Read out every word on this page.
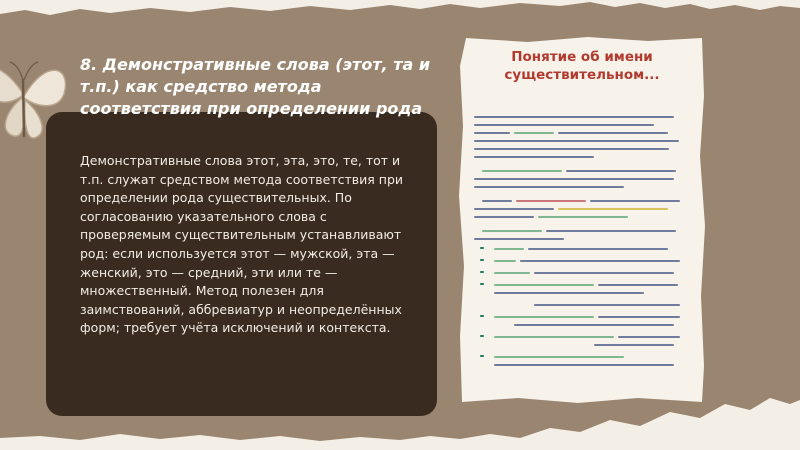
8. Демонстративные слова (этот, та и т.п.) как средство метода соответствия при определении рода

Демонстративные слова этот, эта, это, те, тот и т.п. служат средством метода соответствия при определении рода существительных. По согласованию указательного слова с проверяемым существительным устанавливают род: если используется этот — мужской, эта — женский, это — средний, эти или те — множественный. Метод полезен для заимствований, аббревиатур и неопределённых форм; требует учёта исключений и контекста.

Понятие об имени существительном...
